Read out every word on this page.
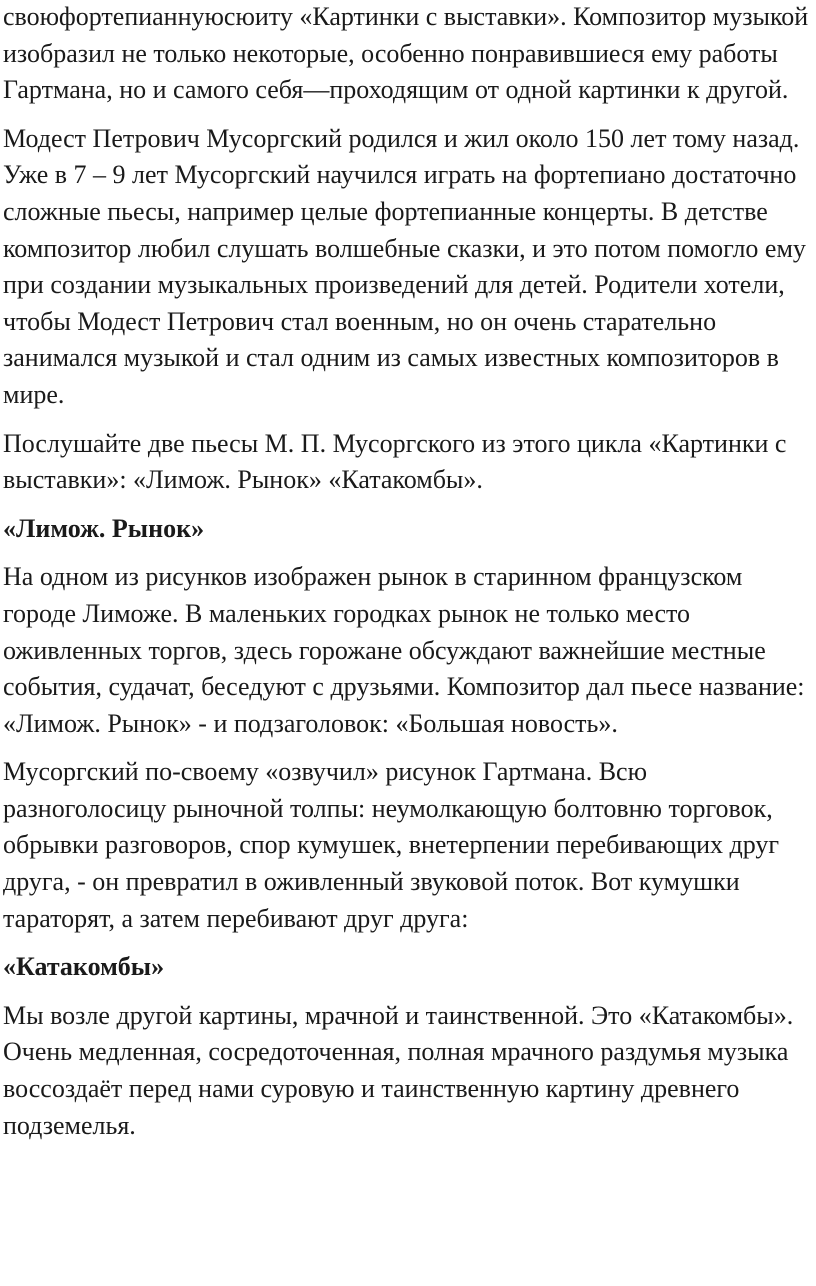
своюфортепианнуюсюиту «Картинки с выставки». Композитор музыкой изобразил не только некоторые, особенно понравившиеся ему работы Гартмана, но и самого себя—проходящим от одной картинки к другой.

Модест Петрович Мусоргский родился и жил около 150 лет тому назад. Уже в 7 – 9 лет Мусоргский научился играть на фортепиано достаточно сложные пьесы, например целые фортепианные концерты. В детстве композитор любил слушать волшебные сказки, и это потом помогло ему при создании музыкальных произведений для детей. Родители хотели, чтобы Модест Петрович стал военным, но он очень старательно занимался музыкой и стал одним из самых известных композиторов в мире.

Послушайте две пьесы М. П. Мусоргского из этого цикла «Картинки с выставки»: «Лимож. Рынок» «Катакомбы».

«Лимож. Рынок»

На одном из рисунков изображен рынок в старинном французском городе Лиможе. В маленьких городках рынок не только место оживленных торгов, здесь горожане обсуждают важнейшие местные события, судачат, беседуют с друзьями. Композитор дал пьесе название: «Лимож. Рынок» - и подзаголовок: «Большая новость».

Мусоргский по-своему «озвучил» рисунок Гартмана. Всю разноголосицу рыночной толпы: неумолкающую болтовню торговок, обрывки разговоров, спор кумушек, внетерпении перебивающих друг друга, - он превратил в оживленный звуковой поток. Вот кумушки тараторят, а затем перебивают друг друга:

«Катакомбы»

Мы возле другой картины, мрачной и таинственной. Это «Катакомбы». Очень медленная, сосредоточенная, полная мрачного раздумья музыка воссоздаёт перед нами суровую и таинственную картину древнего подземелья.
